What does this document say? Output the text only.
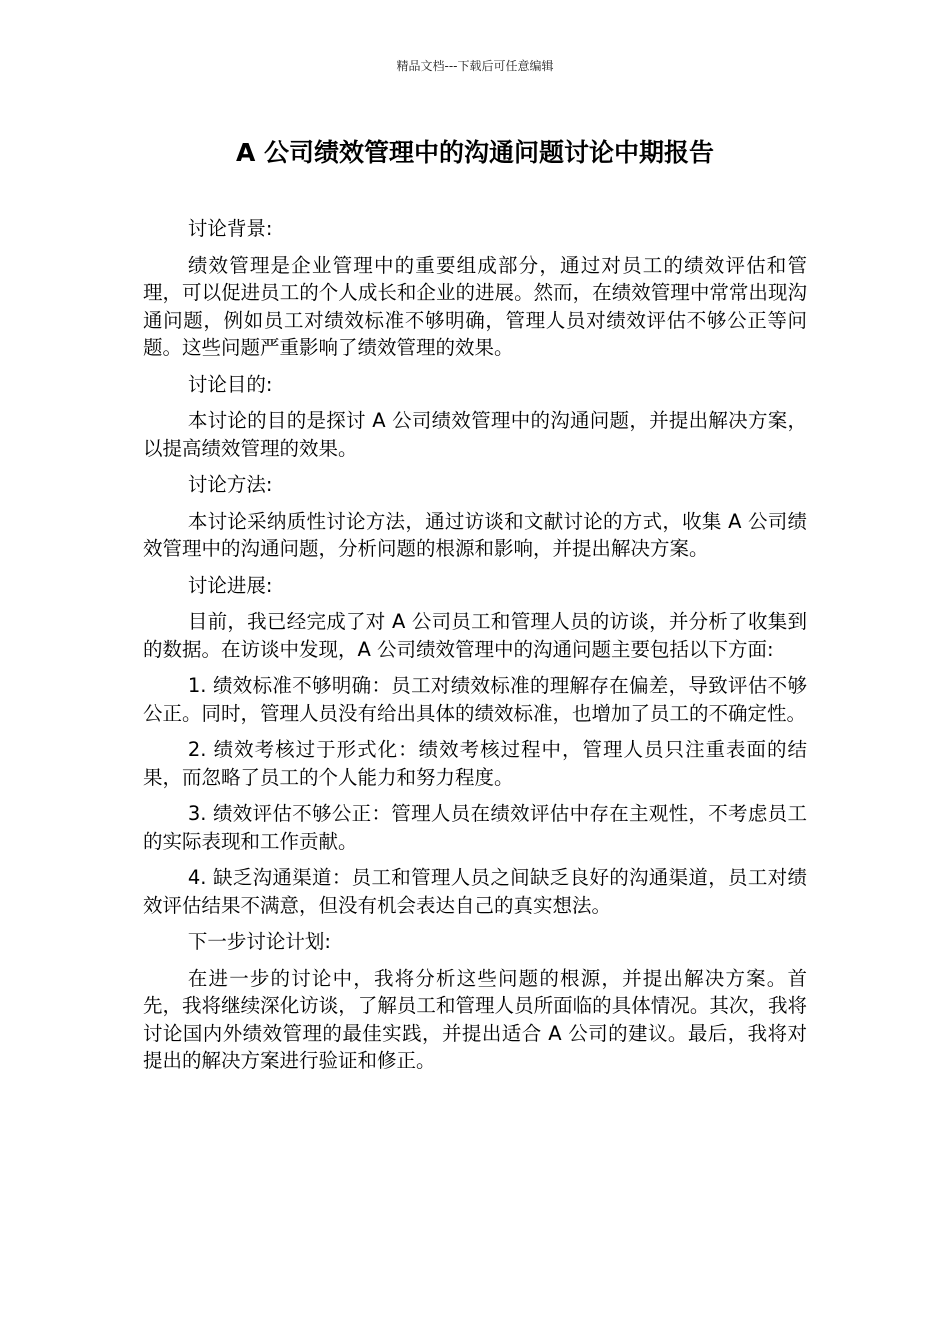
精品文档---下载后可任意编辑
A 公司绩效管理中的沟通问题讨论中期报告

讨论背景:

绩效管理是企业管理中的重要组成部分，通过对员工的绩效评估和管理，可以促进员工的个人成长和企业的进展。然而，在绩效管理中常常出现沟通问题，例如员工对绩效标准不够明确，管理人员对绩效评估不够公正等问题。这些问题严重影响了绩效管理的效果。

讨论目的:

本讨论的目的是探讨 A 公司绩效管理中的沟通问题，并提出解决方案，以提高绩效管理的效果。

讨论方法:

本讨论采纳质性讨论方法，通过访谈和文献讨论的方式，收集 A 公司绩效管理中的沟通问题，分析问题的根源和影响，并提出解决方案。

讨论进展:

目前，我已经完成了对 A 公司员工和管理人员的访谈，并分析了收集到的数据。在访谈中发现，A 公司绩效管理中的沟通问题主要包括以下方面:

1. 绩效标准不够明确：员工对绩效标准的理解存在偏差，导致评估不够公正。同时，管理人员没有给出具体的绩效标准，也增加了员工的不确定性。

2. 绩效考核过于形式化：绩效考核过程中，管理人员只注重表面的结果，而忽略了员工的个人能力和努力程度。

3. 绩效评估不够公正：管理人员在绩效评估中存在主观性，不考虑员工的实际表现和工作贡献。

4. 缺乏沟通渠道：员工和管理人员之间缺乏良好的沟通渠道，员工对绩效评估结果不满意，但没有机会表达自己的真实想法。

下一步讨论计划:

在进一步的讨论中，我将分析这些问题的根源，并提出解决方案。首先，我将继续深化访谈，了解员工和管理人员所面临的具体情况。其次，我将讨论国内外绩效管理的最佳实践，并提出适合 A 公司的建议。最后，我将对提出的解决方案进行验证和修正。
